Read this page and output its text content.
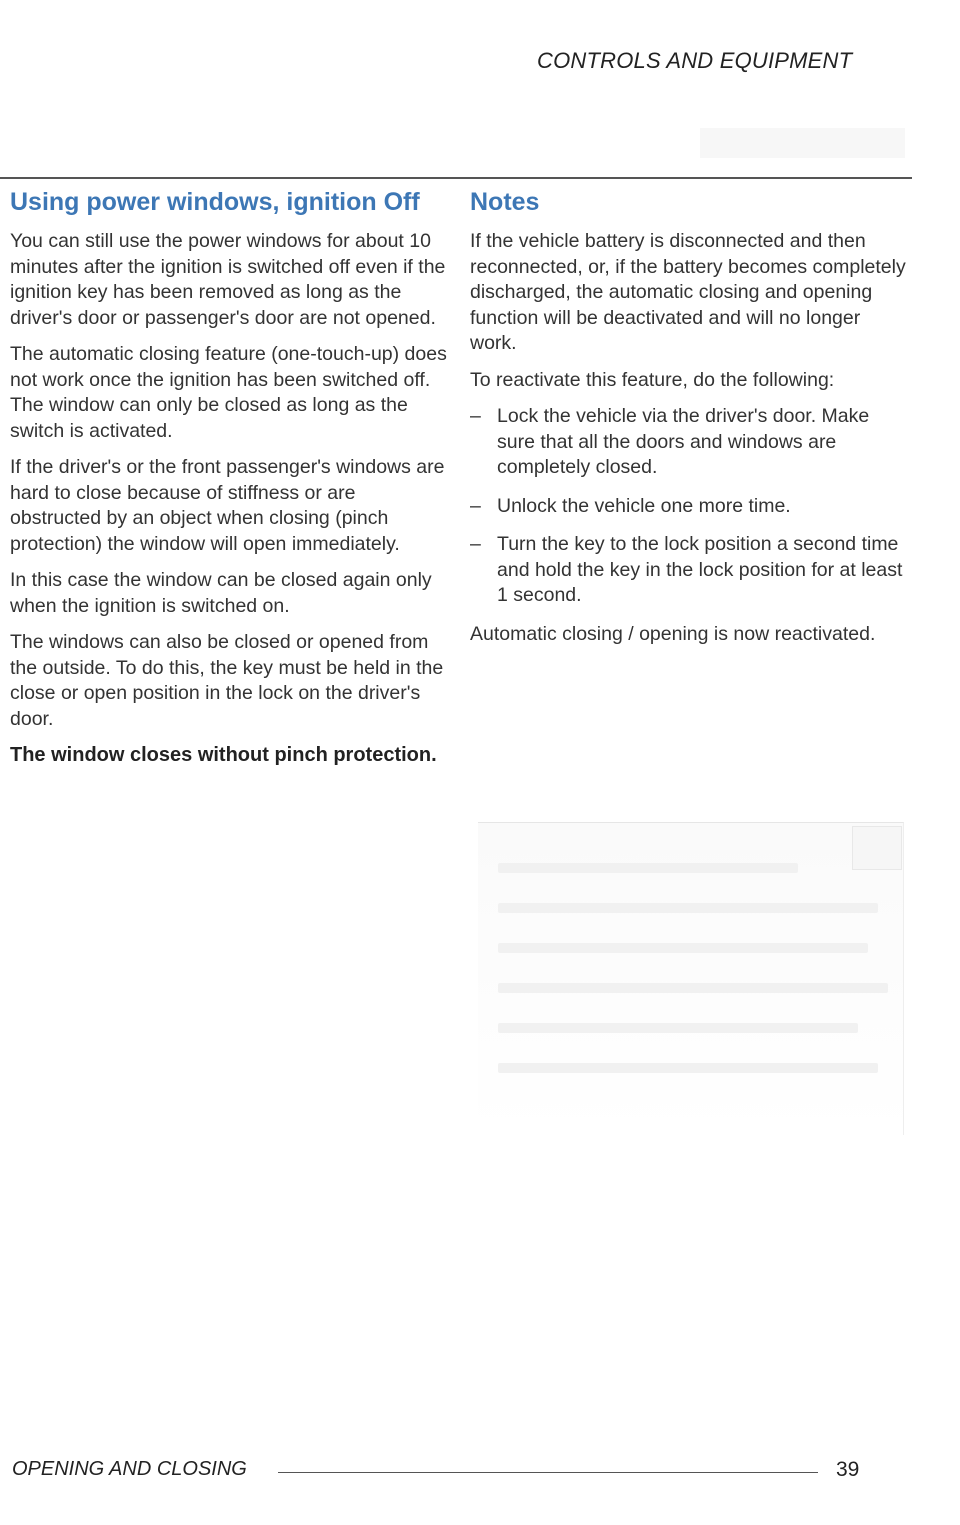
CONTROLS AND EQUIPMENT
Using power windows, ignition Off

You can still use the power windows for about 10 minutes after the ignition is switched off even if the ignition key has been removed as long as the driver's door or passenger's door are not opened.

The automatic closing feature (one-touch-up) does not work once the ignition has been switched off. The window can only be closed as long as the switch is activated.

If the driver's or the front passenger's windows are hard to close because of stiffness or are obstructed by an object when closing (pinch protection) the window will open immediately.

In this case the window can be closed again only when the ignition is switched on.

The windows can also be closed or opened from the outside. To do this, the key must be held in the close or open position in the lock on the driver's door.

The window closes without pinch protection.

Notes

If the vehicle battery is disconnected and then reconnected, or, if the battery becomes completely discharged, the automatic closing and opening function will be deactivated and will no longer work.

To reactivate this feature, do the following:

– Lock the vehicle via the driver's door. Make sure that all the doors and windows are completely closed.
– Unlock the vehicle one more time.
– Turn the key to the lock position a second time and hold the key in the lock position for at least 1 second.

Automatic closing / opening is now reactivated.

OPENING AND CLOSING	39
